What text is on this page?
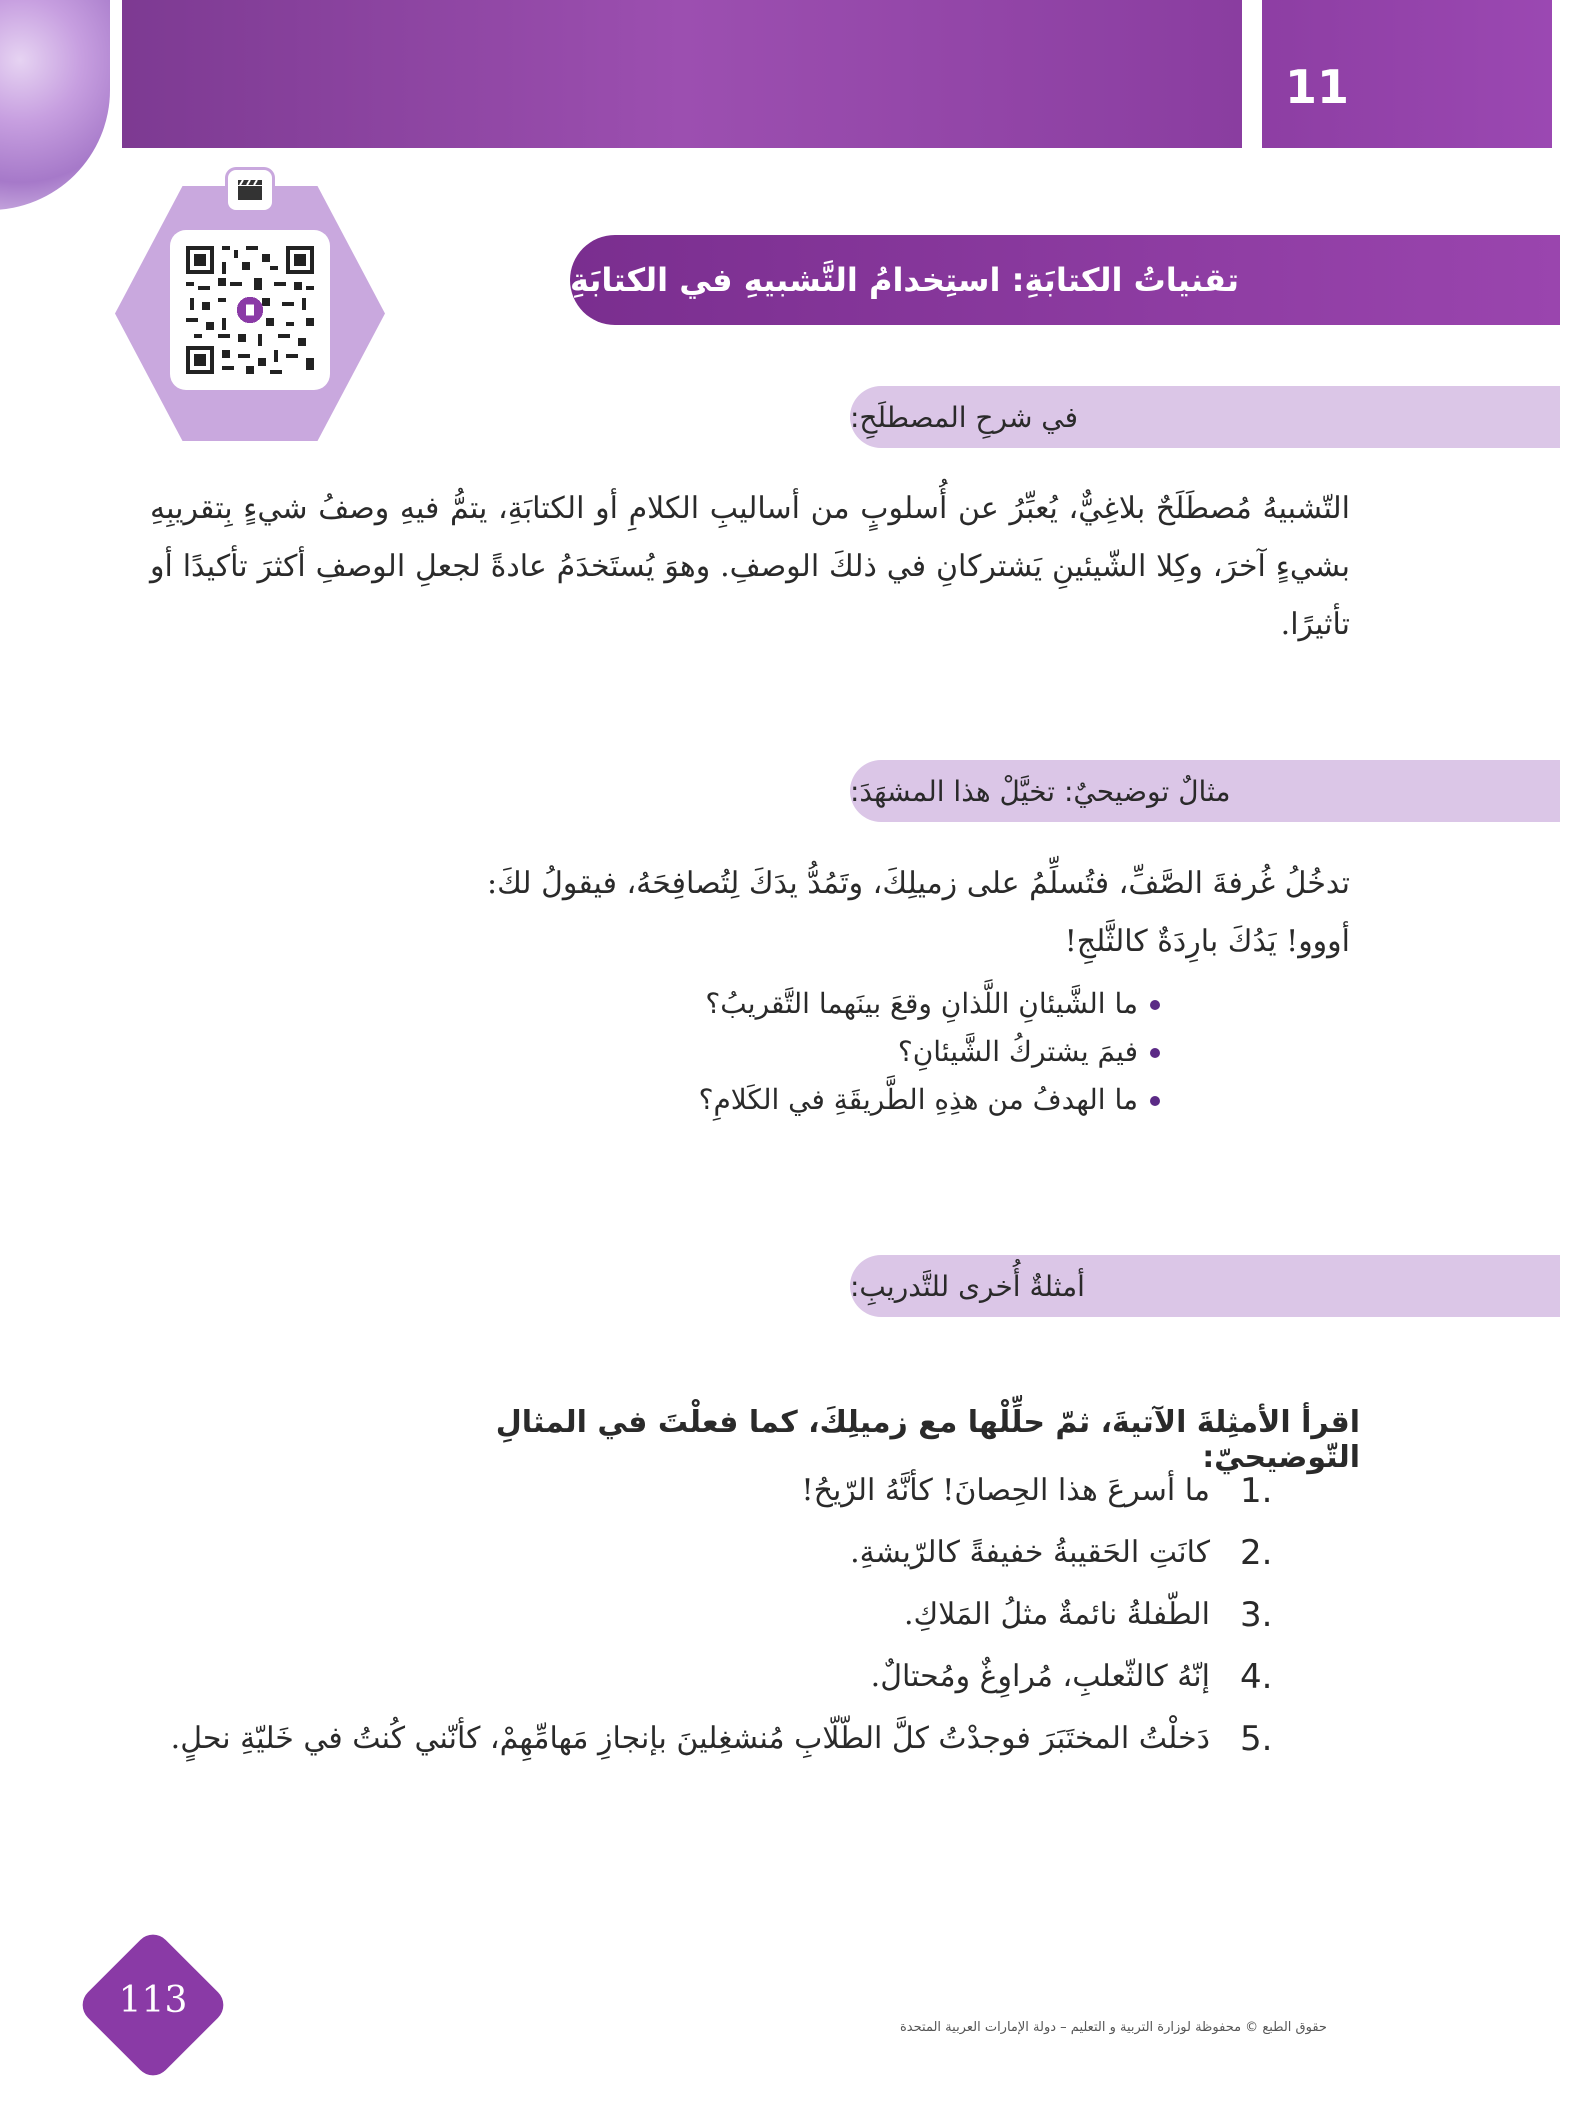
11
تقنياتُ الكتابَةِ: استِخدامُ التَّشبيهِ في الكتابَةِ
في شرحِ المصطلَحِ:
التّشبيهُ مُصطَلَحٌ بلاغِيٌّ، يُعبِّرُ عن أُسلوبٍ من أساليبِ الكلامِ أو الكتابَةِ، يتمُّ فيهِ وصفُ شيءٍ بِتقريبِهِ بشيءٍ آخرَ، وكِلا الشّيئينِ يَشتركانِ في ذلكَ الوصفِ. وهوَ يُستَخدَمُ عادةً لجعلِ الوصفِ أكثرَ تأكيدًا أو تأثيرًا.
مثالٌ توضيحيٌ: تخيَّلْ هذا المشهَدَ:
تدخُلُ غُرفةَ الصَّفِّ، فتُسلِّمُ على زميلِكَ، وتَمُدُّ يدَكَ لِتُصافِحَهُ، فيقولُ لكَ:
أووو! يَدُكَ بارِدَةٌ كالثَّلجِ!
ما الشَّيئانِ اللَّذانِ وقعَ بينَهما التَّقريبُ؟
فيمَ يشتركُ الشَّيئانِ؟
ما الهدفُ من هذِهِ الطَّريقَةِ في الكَلامِ؟
أمثلةٌ أُخرى للتَّدريبِ:
اقرأ الأمثِلةَ الآتيةَ، ثمّ حلِّلْها مع زميلِكَ، كما فعلْتَ في المثالِ التّوضيحيّ:
1.
ما أسرعَ هذا الحِصانَ! كأنَّهُ الرّيحُ!
2.
كانَتِ الحَقيبةُ خفيفةً كالرّيشةِ.
3.
الطّفلةُ نائمةٌ مثلُ المَلاكِ.
4.
إنّهُ كالثّعلبِ، مُراوِغٌ ومُحتالٌ.
5.
دَخلْتُ المختَبَرَ فوجدْتُ كلَّ الطّلّابِ مُنشغِلينَ بإنجازِ مَهامِّهِمْ، كأنّني كُنتُ في خَليّةِ نحلٍ.
113
حقوق الطبع © محفوظة لوزارة التربية و التعليم – دولة الإمارات العربية المتحدة
